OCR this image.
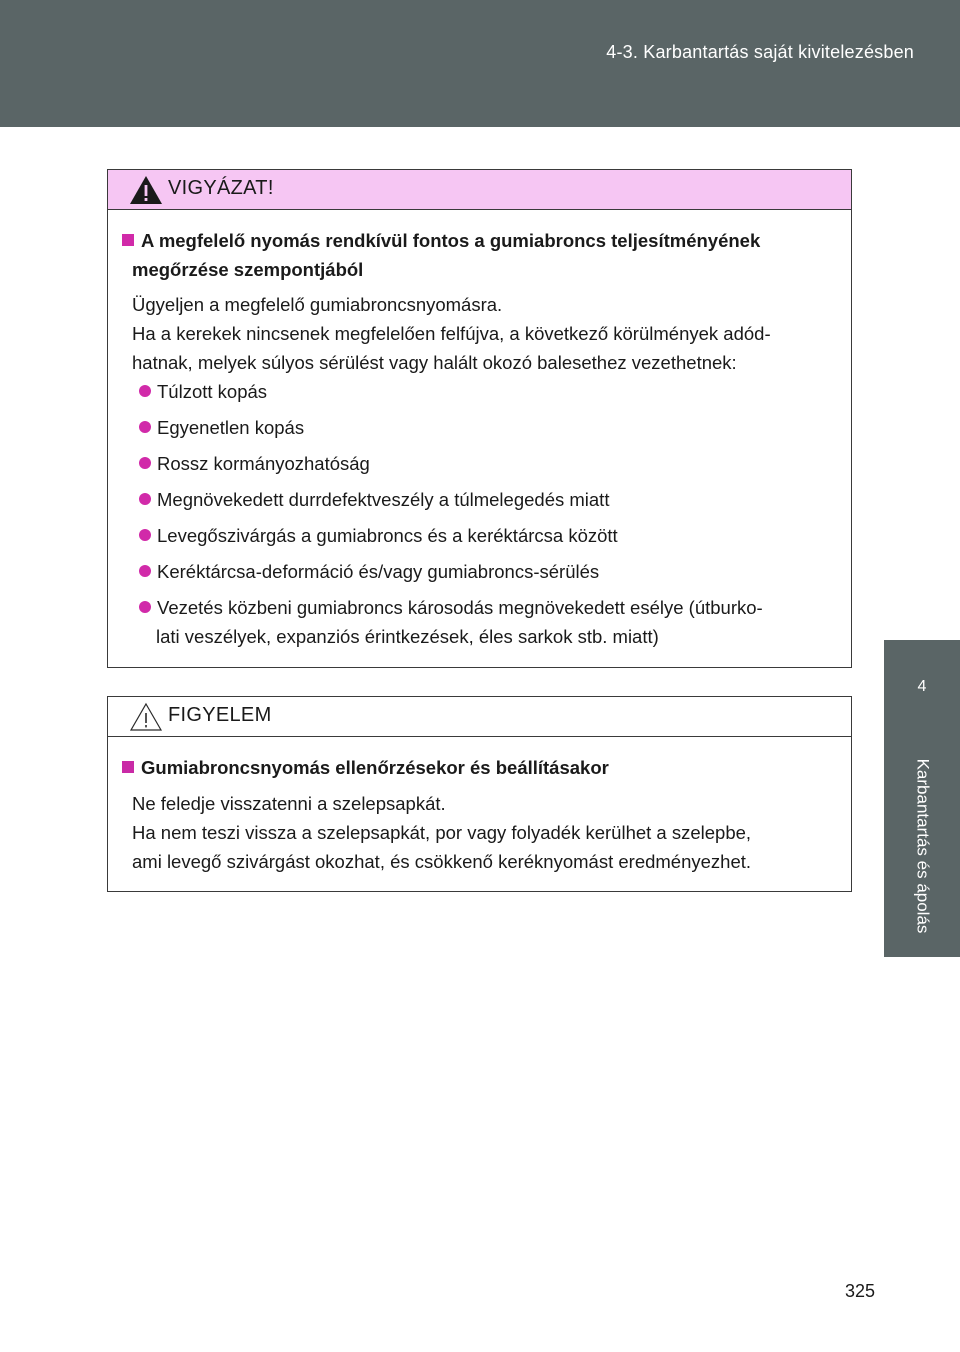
4-3. Karbantartás saját kivitelezésben
4
Karbantartás és ápolás
VIGYÁZAT!
A megfelelő nyomás rendkívül fontos a gumiabroncs teljesítményének
megőrzése szempontjából
Ügyeljen a megfelelő gumiabroncsnyomásra.
Ha a kerekek nincsenek megfelelően felfújva, a következő körülmények adód-
hatnak, melyek súlyos sérülést vagy halált okozó balesethez vezethetnek:
Túlzott kopás
Egyenetlen kopás
Rossz kormányozhatóság
Megnövekedett durrdefektveszély a túlmelegedés miatt
Levegőszivárgás a gumiabroncs és a keréktárcsa között
Keréktárcsa-deformáció és/vagy gumiabroncs-sérülés
Vezetés közbeni gumiabroncs károsodás megnövekedett esélye (útburko-
lati veszélyek, expanziós érintkezések, éles sarkok stb. miatt)
FIGYELEM
Gumiabroncsnyomás ellenőrzésekor és beállításakor
Ne feledje visszatenni a szelepsapkát.
Ha nem teszi vissza a szelepsapkát, por vagy folyadék kerülhet a szelepbe,
ami levegő szivárgást okozhat, és csökkenő keréknyomást eredményezhet.
325
